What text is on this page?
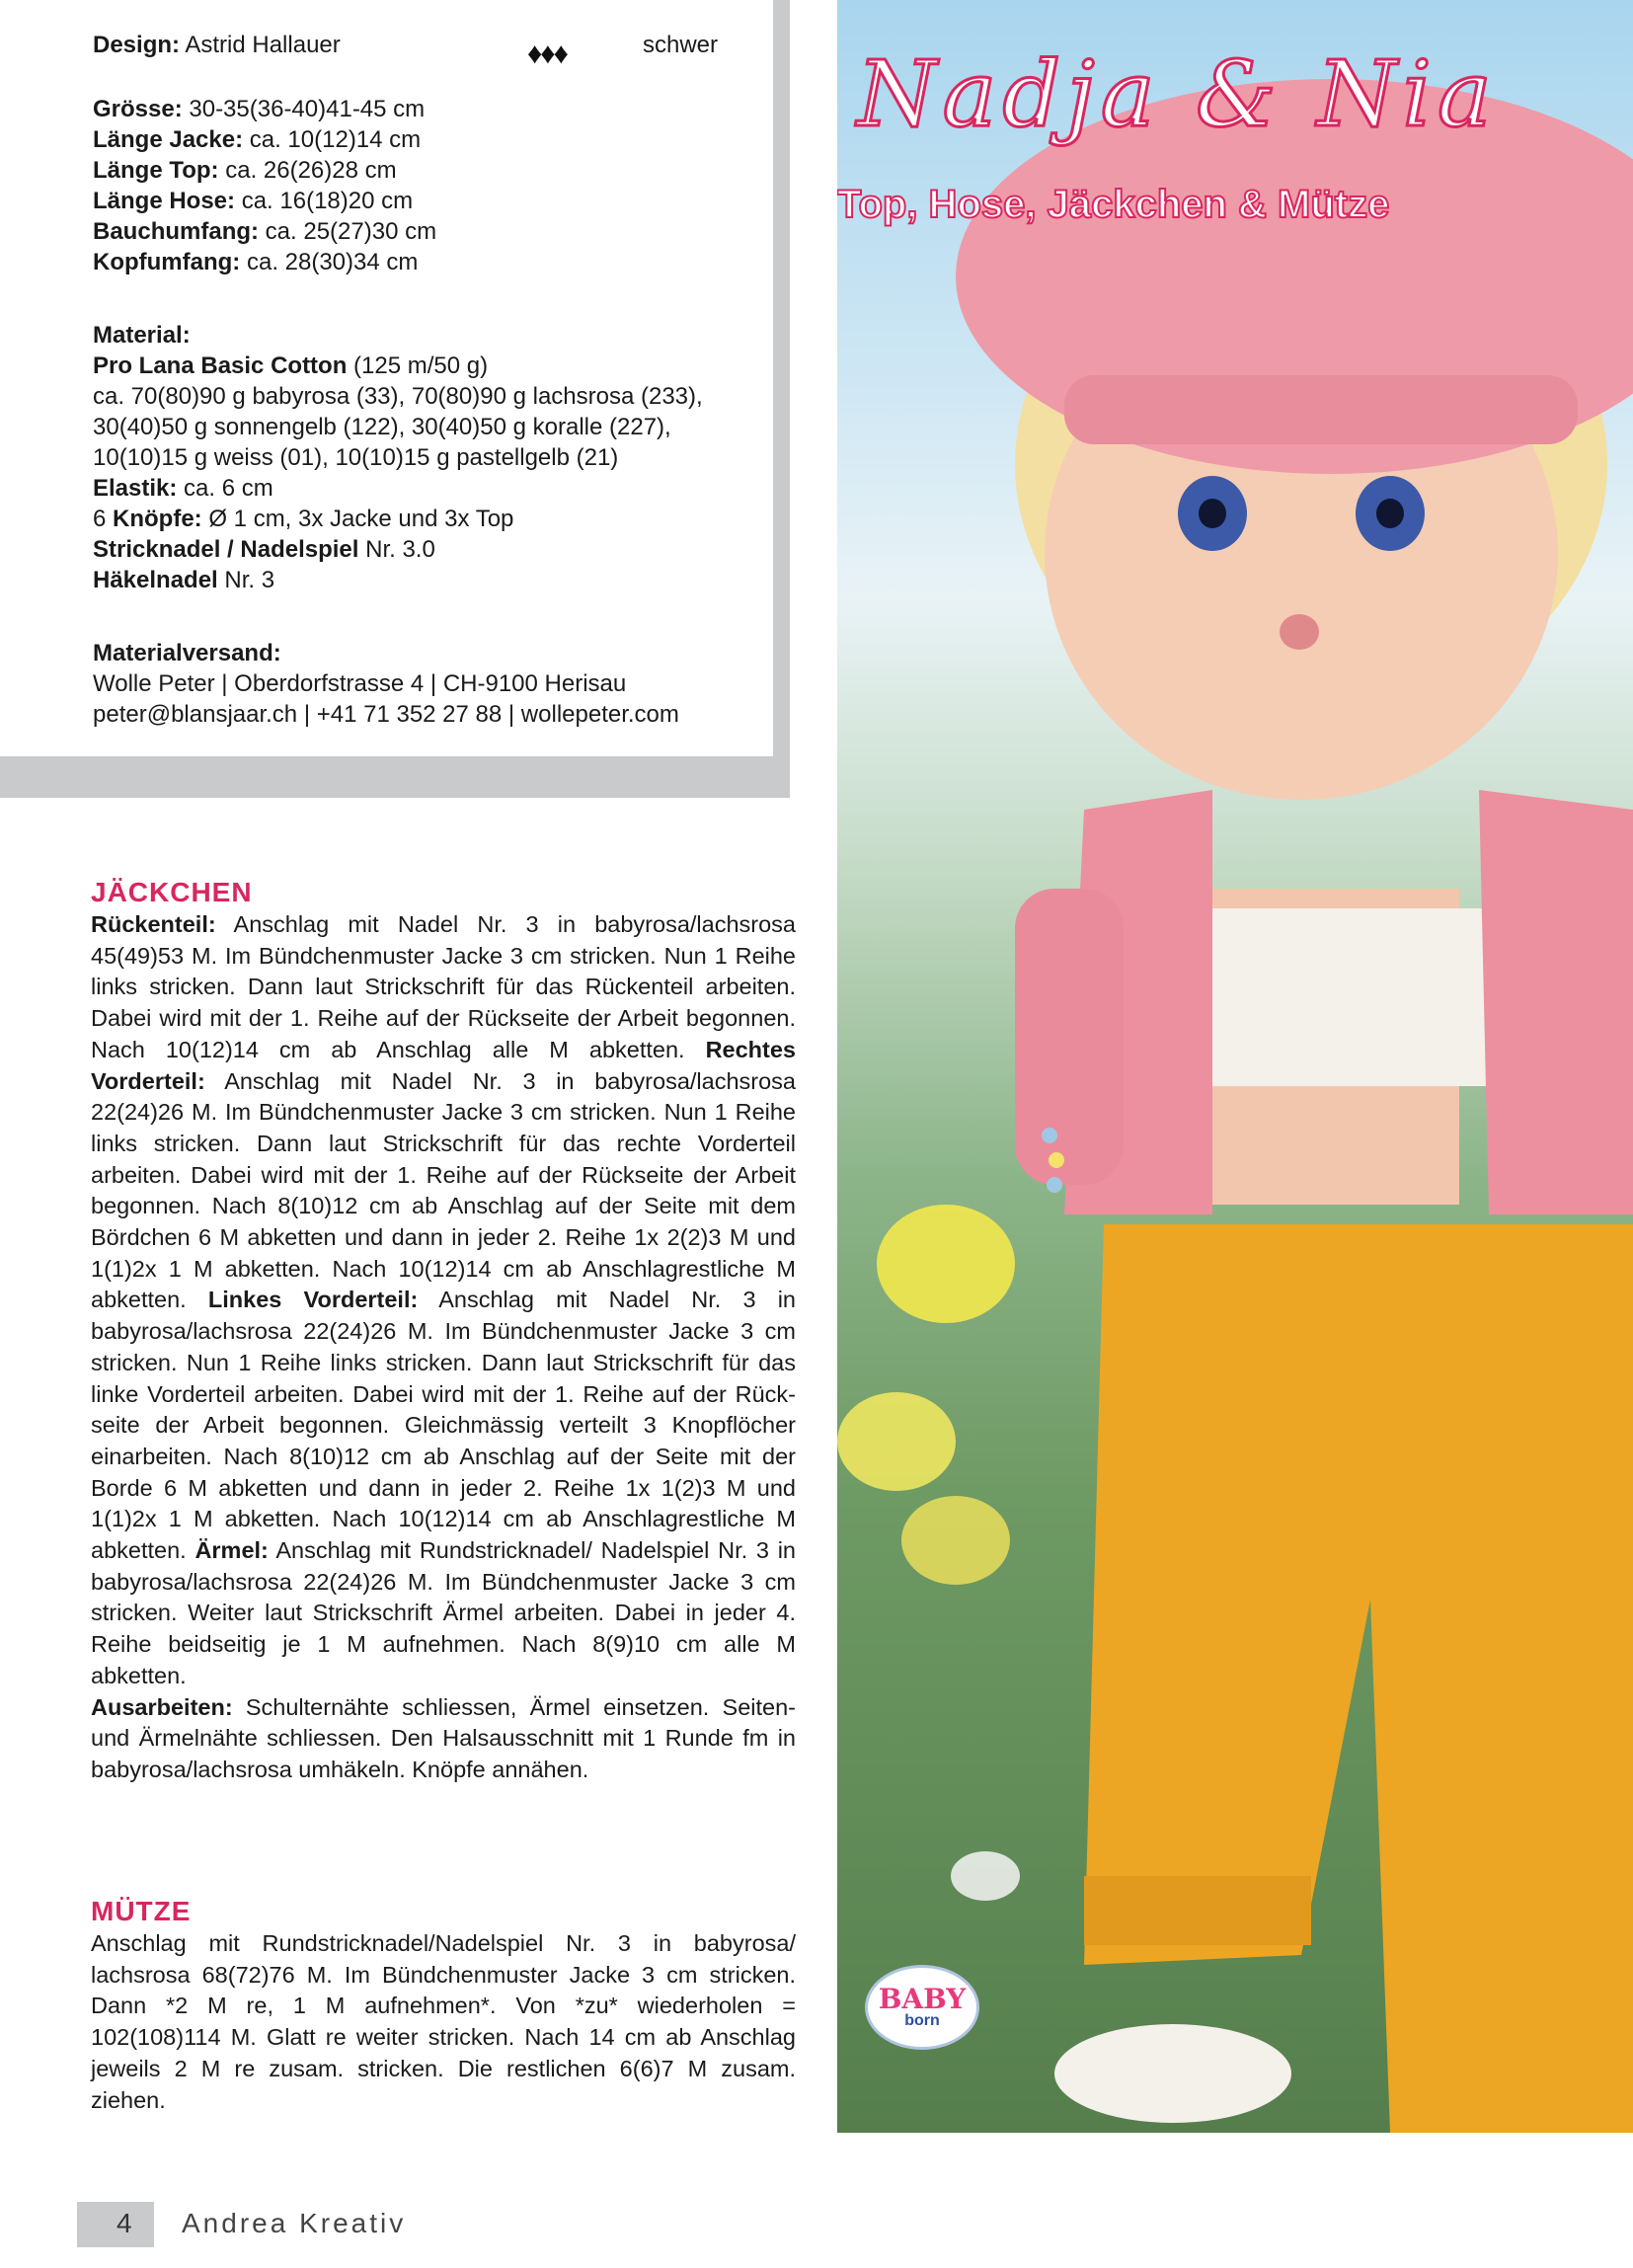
Design: Astrid Hallauer	♦♦♦	schwer
Grösse: 30-35(36-40)41-45 cm
Länge Jacke: ca. 10(12)14 cm
Länge Top: ca. 26(26)28 cm
Länge Hose: ca. 16(18)20 cm
Bauchumfang: ca. 25(27)30 cm
Kopfumfang: ca. 28(30)34 cm
Material:
Pro Lana Basic Cotton (125 m/50 g)
ca. 70(80)90 g babyrosa (33), 70(80)90 g lachsrosa (233),
30(40)50 g sonnengelb (122), 30(40)50 g koralle (227),
10(10)15 g weiss (01), 10(10)15 g pastellgelb (21)
Elastik: ca. 6 cm
6 Knöpfe: Ø 1 cm, 3x Jacke und 3x Top
Stricknadel / Nadelspiel Nr. 3.0
Häkelnadel Nr. 3
Materialversand:
Wolle Peter | Oberdorfstrasse 4 | CH-9100 Herisau
peter@blansjaar.ch | +41 71 352 27 88 | wollepeter.com
Nadja & Nia
Top, Hose, Jäckchen & Mütze
BABY
born
JÄCKCHEN
Rückenteil: Anschlag mit Nadel Nr. 3 in babyrosa/lachsrosa 45(49)53 M. Im Bündchenmuster Jacke 3 cm stricken. Nun 1 Reihe links stricken. Dann laut Strickschrift für das Rückenteil arbeiten. Dabei wird mit der 1. Reihe auf der Rückseite der Arbeit begonnen. Nach 10(12)14 cm ab Anschlag alle M abketten. Rechtes Vorderteil: Anschlag mit Nadel Nr. 3 in babyrosa/lachsrosa 22(24)26 M. Im Bündchenmuster Jacke 3 cm stricken. Nun 1 Reihe links stricken. Dann laut Strickschrift für das rechte Vorderteil arbeiten. Dabei wird mit der 1. Reihe auf der Rückseite der Arbeit begonnen. Nach 8(10)12 cm ab Anschlag auf der Seite mit dem Bördchen 6 M abketten und dann in jeder 2. Reihe 1x 2(2)3 M und 1(1)2x 1 M abketten. Nach 10(12)14 cm ab Anschlagrestliche M abketten. Linkes Vorderteil: Anschlag mit Nadel Nr. 3 in babyrosa/lachsrosa 22(24)26 M. Im Bündchenmuster Jacke 3 cm stricken. Nun 1 Reihe links stricken. Dann laut Strickschrift für das linke Vorderteil arbeiten. Dabei wird mit der 1. Reihe auf der Rückseite der Arbeit begonnen. Gleichmässig verteilt 3 Knopflöcher einarbeiten. Nach 8(10)12 cm ab Anschlag auf der Seite mit der Borde 6 M abketten und dann in jeder 2. Reihe 1x 1(2)3 M und 1(1)2x 1 M abketten. Nach 10(12)14 cm ab Anschlagrestliche M abketten. Ärmel: Anschlag mit Rundstricknadel/ Nadelspiel Nr. 3 in babyrosa/lachsrosa 22(24)26 M. Im Bündchenmuster Jacke 3 cm stricken. Weiter laut Strickschrift Ärmel arbeiten. Dabei in jeder 4. Reihe beidseitig je 1 M aufnehmen. Nach 8(9)10 cm alle M abketten.
Ausarbeiten: Schulternähte schliessen, Ärmel einsetzen. Seiten- und Ärmelnähte schliessen. Den Halsausschnitt mit 1 Runde fm in babyrosa/lachsrosa umhäkeln. Knöpfe annähen.
MÜTZE
Anschlag mit Rundstricknadel/Nadelspiel Nr. 3 in babyrosa/ lachsrosa 68(72)76 M. Im Bündchenmuster Jacke 3 cm stricken. Dann *2 M re, 1 M aufnehmen*. Von *zu* wiederholen = 102(108)114 M. Glatt re weiter stricken. Nach 14 cm ab Anschlag jeweils 2 M re zusam. stricken. Die restlichen 6(6)7 M zusam. ziehen.
4 Andrea Kreativ
